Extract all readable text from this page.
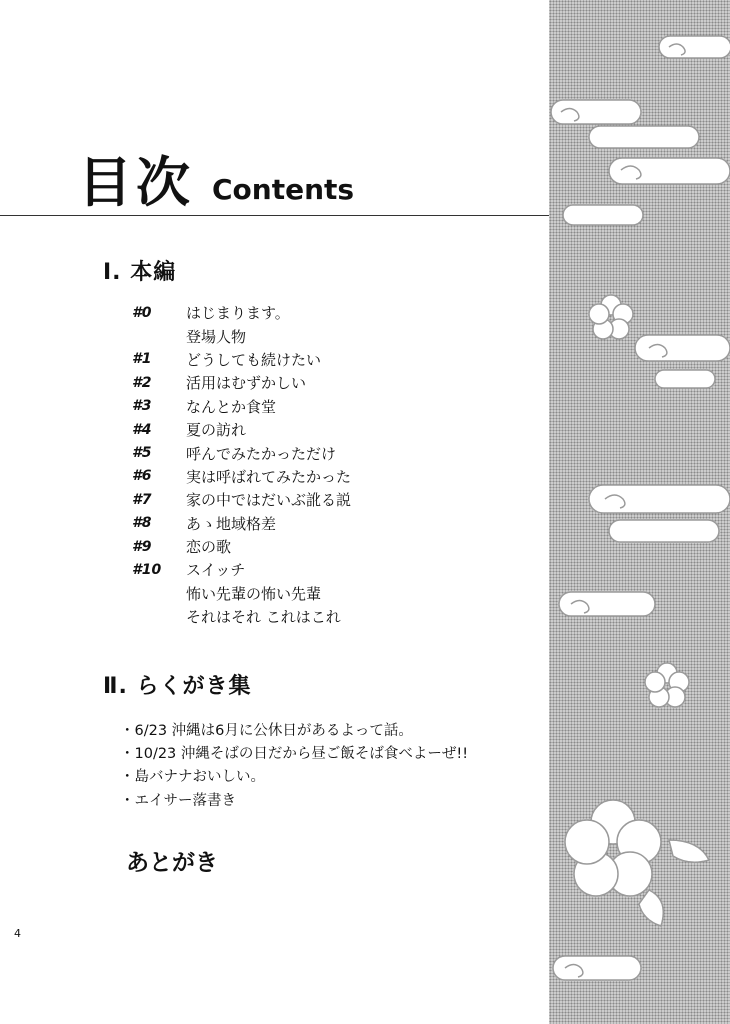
目次 Contents
Ⅰ. 本編
#0	はじまります。
登場人物
#1	どうしても続けたい
#2	活用はむずかしい
#3	なんとか食堂
#4	夏の訪れ
#5	呼んでみたかっただけ
#6	実は呼ばれてみたかった
#7	家の中ではだいぶ訛る説
#8	あゝ地域格差
#9	恋の歌
#10	スイッチ
怖い先輩の怖い先輩
それはそれ これはこれ
Ⅱ. らくがき集
・6/23 沖縄は6月に公休日があるよって話。
・10/23 沖縄そばの日だから昼ご飯そば食べよーぜ!!
・島バナナおいしい。
・エイサー落書き
あとがき
4
